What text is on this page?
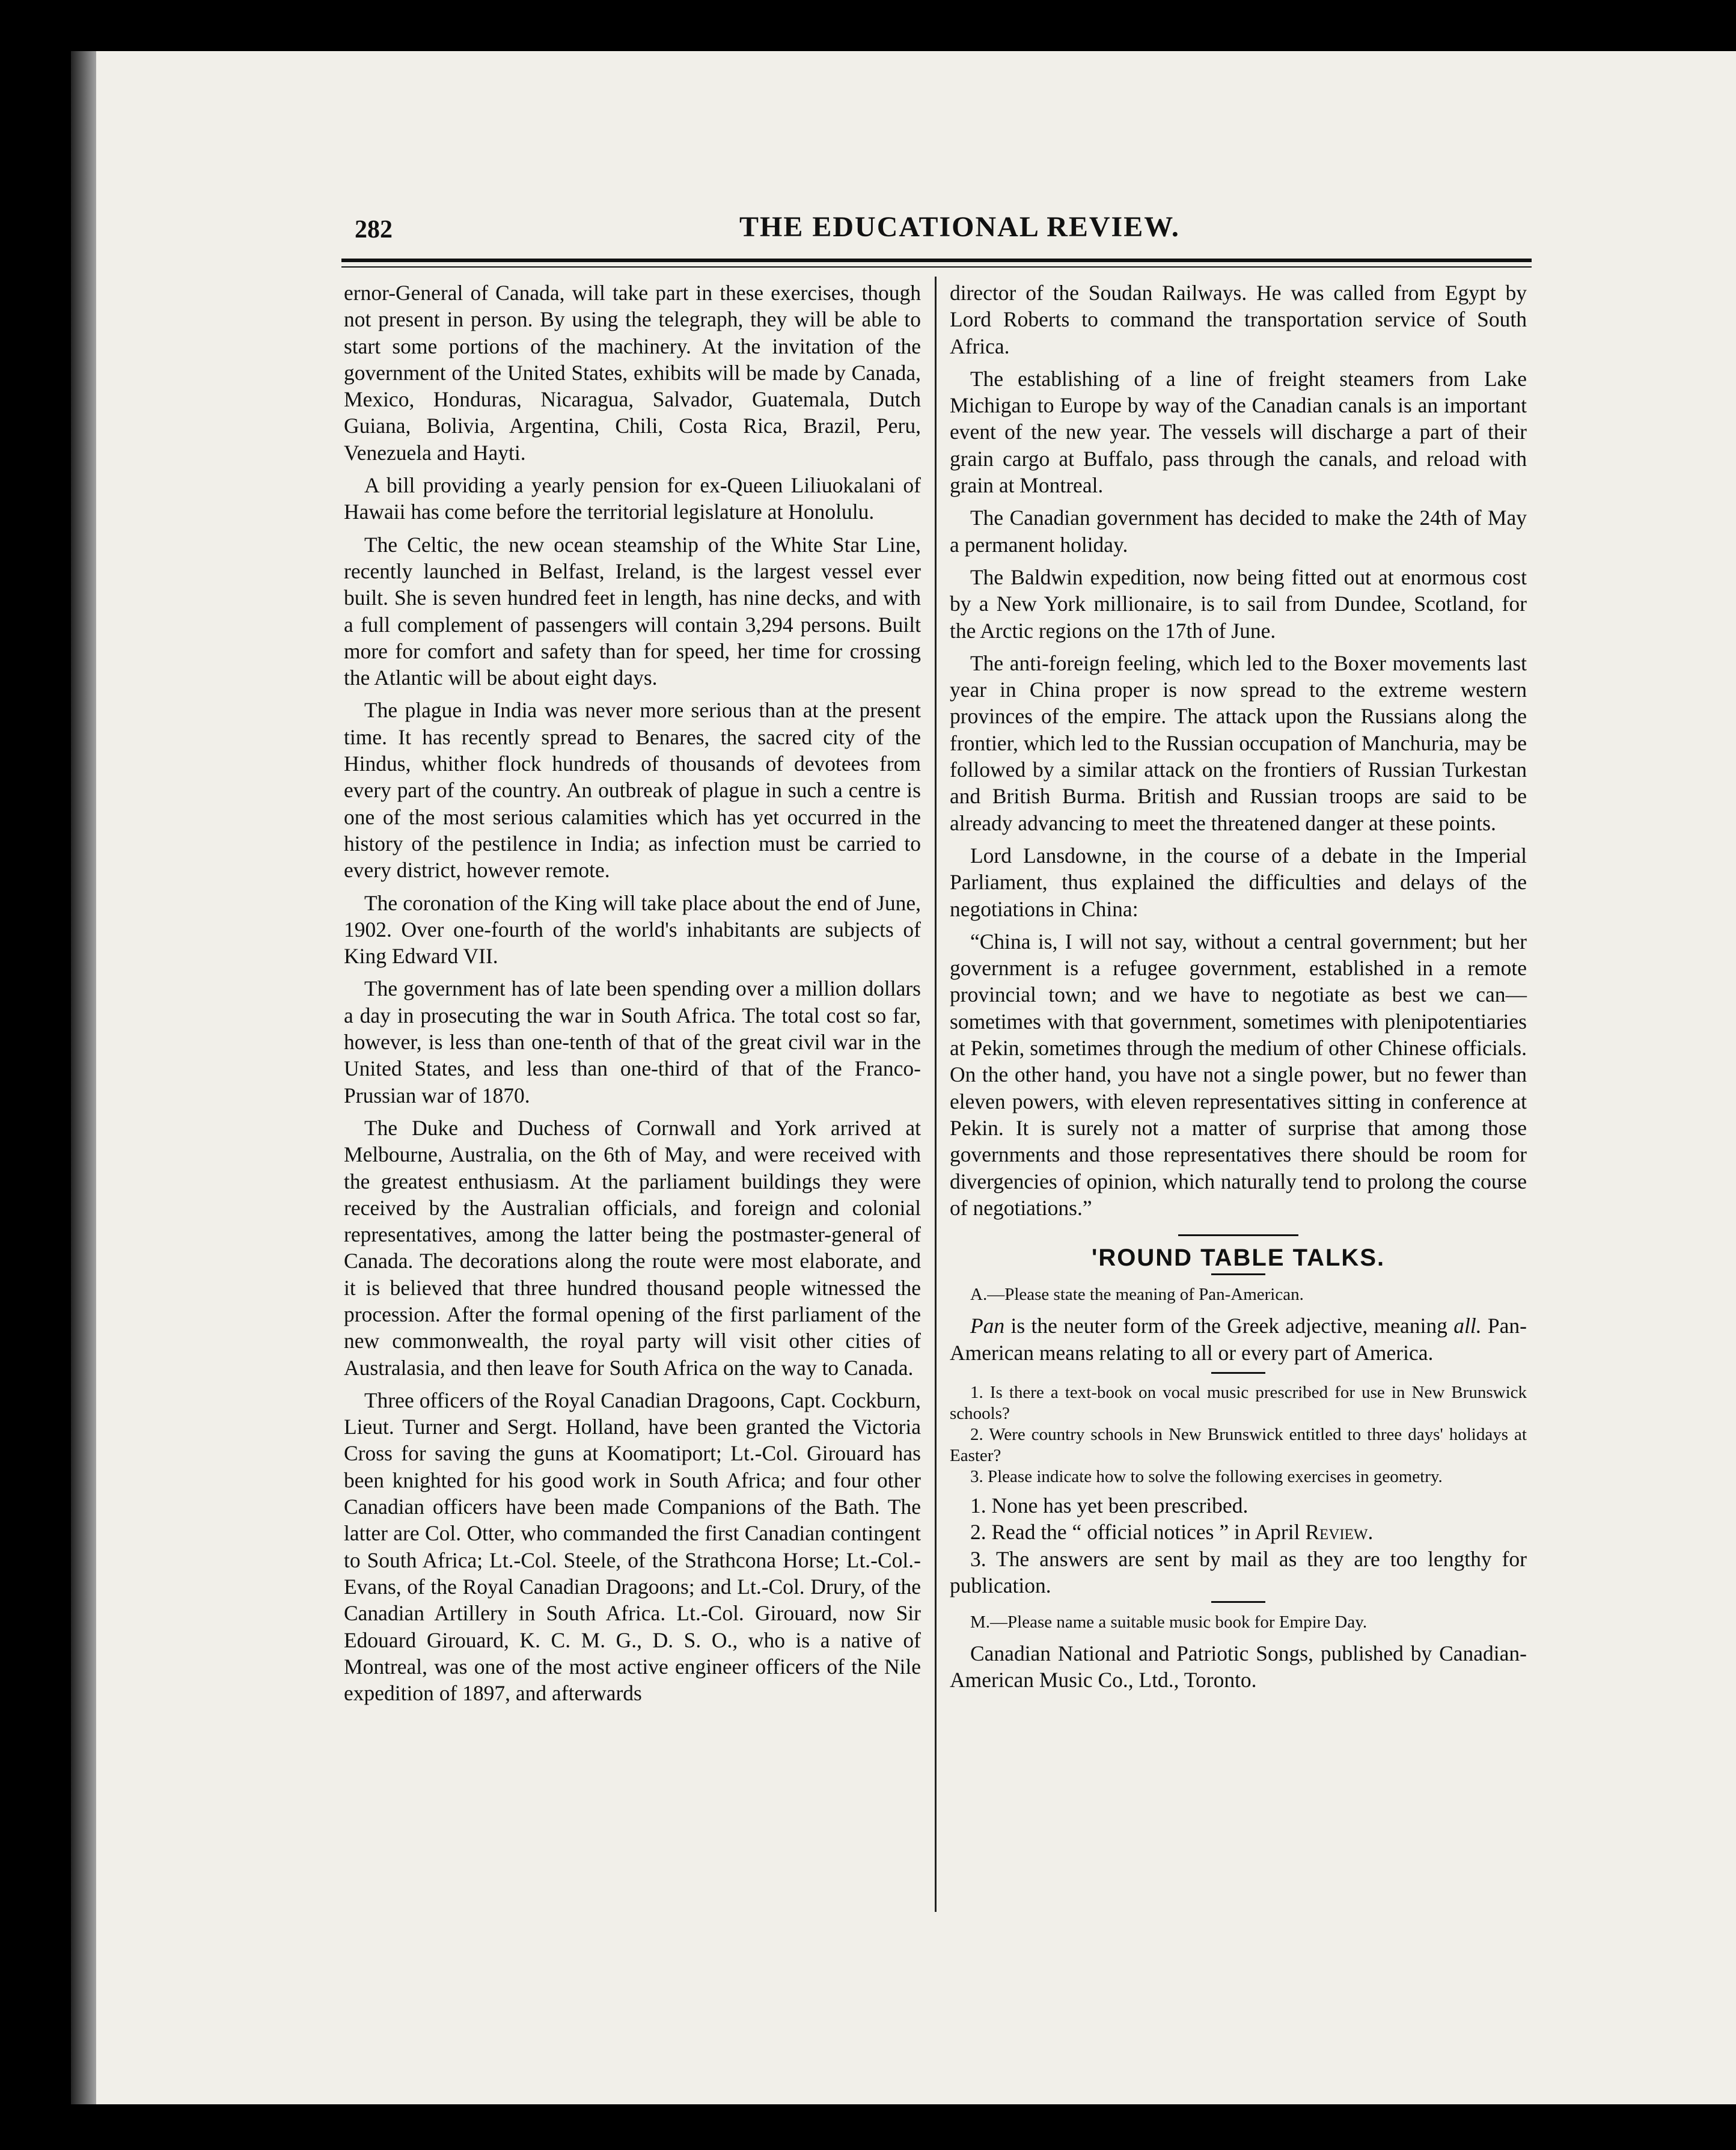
282	THE EDUCATIONAL REVIEW.

ernor-General of Canada, will take part in these exercises, though not present in person. By using the telegraph, they will be able to start some portions of the machinery. At the invitation of the government of the United States, exhibits will be made by Canada, Mexico, Honduras, Nicaragua, Salvador, Guatemala, Dutch Guiana, Bolivia, Argentina, Chili, Costa Rica, Brazil, Peru, Venezuela and Hayti.

A bill providing a yearly pension for ex-Queen Liliuokalani of Hawaii has come before the territorial legislature at Honolulu.

The Celtic, the new ocean steamship of the White Star Line, recently launched in Belfast, Ireland, is the largest vessel ever built. She is seven hundred feet in length, has nine decks, and with a full complement of passengers will contain 3,294 persons. Built more for comfort and safety than for speed, her time for crossing the Atlantic will be about eight days.

The plague in India was never more serious than at the present time. It has recently spread to Benares, the sacred city of the Hindus, whither flock hundreds of thousands of devotees from every part of the country. An outbreak of plague in such a centre is one of the most serious calamities which has yet occurred in the history of the pestilence in India; as infection must be carried to every district, however remote.

The coronation of the King will take place about the end of June, 1902. Over one-fourth of the world's inhabitants are subjects of King Edward VII.

The government has of late been spending over a million dollars a day in prosecuting the war in South Africa. The total cost so far, however, is less than one-tenth of that of the great civil war in the United States, and less than one-third of that of the Franco-Prussian war of 1870.

The Duke and Duchess of Cornwall and York arrived at Melbourne, Australia, on the 6th of May, and were received with the greatest enthusiasm. At the parliament buildings they were received by the Australian officials, and foreign and colonial representatives, among the latter being the postmaster-general of Canada. The decorations along the route were most elaborate, and it is believed that three hundred thousand people witnessed the procession. After the formal opening of the first parliament of the new commonwealth, the royal party will visit other cities of Australasia, and then leave for South Africa on the way to Canada.

Three officers of the Royal Canadian Dragoons, Capt. Cockburn, Lieut. Turner and Sergt. Holland, have been granted the Victoria Cross for saving the guns at Koomatiport; Lt.-Col. Girouard has been knighted for his good work in South Africa; and four other Canadian officers have been made Companions of the Bath. The latter are Col. Otter, who commanded the first Canadian contingent to South Africa; Lt.-Col. Steele, of the Strathcona Horse; Lt.-Col.-Evans, of the Royal Canadian Dragoons; and Lt.-Col. Drury, of the Canadian Artillery in South Africa. Lt.-Col. Girouard, now Sir Edouard Girouard, K. C. M. G., D. S. O., who is a native of Montreal, was one of the most active engineer officers of the Nile expedition of 1897, and afterwards

director of the Soudan Railways. He was called from Egypt by Lord Roberts to command the transportation service of South Africa.

The establishing of a line of freight steamers from Lake Michigan to Europe by way of the Canadian canals is an important event of the new year. The vessels will discharge a part of their grain cargo at Buffalo, pass through the canals, and reload with grain at Montreal.

The Canadian government has decided to make the 24th of May a permanent holiday.

The Baldwin expedition, now being fitted out at enormous cost by a New York millionaire, is to sail from Dundee, Scotland, for the Arctic regions on the 17th of June.

The anti-foreign feeling, which led to the Boxer movements last year in China proper is now spread to the extreme western provinces of the empire. The attack upon the Russians along the frontier, which led to the Russian occupation of Manchuria, may be followed by a similar attack on the frontiers of Russian Turkestan and British Burma. British and Russian troops are said to be already advancing to meet the threatened danger at these points.

Lord Lansdowne, in the course of a debate in the Imperial Parliament, thus explained the difficulties and delays of the negotiations in China:

“China is, I will not say, without a central government; but her government is a refugee government, established in a remote provincial town; and we have to negotiate as best we can—sometimes with that government, sometimes with plenipotentiaries at Pekin, sometimes through the medium of other Chinese officials. On the other hand, you have not a single power, but no fewer than eleven powers, with eleven representatives sitting in conference at Pekin. It is surely not a matter of surprise that among those governments and those representatives there should be room for divergencies of opinion, which naturally tend to prolong the course of negotiations.”

'ROUND TABLE TALKS.

A.—Please state the meaning of Pan-American.

Pan is the neuter form of the Greek adjective, meaning all. Pan-American means relating to all or every part of America.

1. Is there a text-book on vocal music prescribed for use in New Brunswick schools?
2. Were country schools in New Brunswick entitled to three days' holidays at Easter?
3. Please indicate how to solve the following exercises in geometry.
1. None has yet been prescribed.
2. Read the “ official notices ” in April Review.
3. The answers are sent by mail as they are too lengthy for publication.

M.—Please name a suitable music book for Empire Day.

Canadian National and Patriotic Songs, published by Canadian-American Music Co., Ltd., Toronto.
